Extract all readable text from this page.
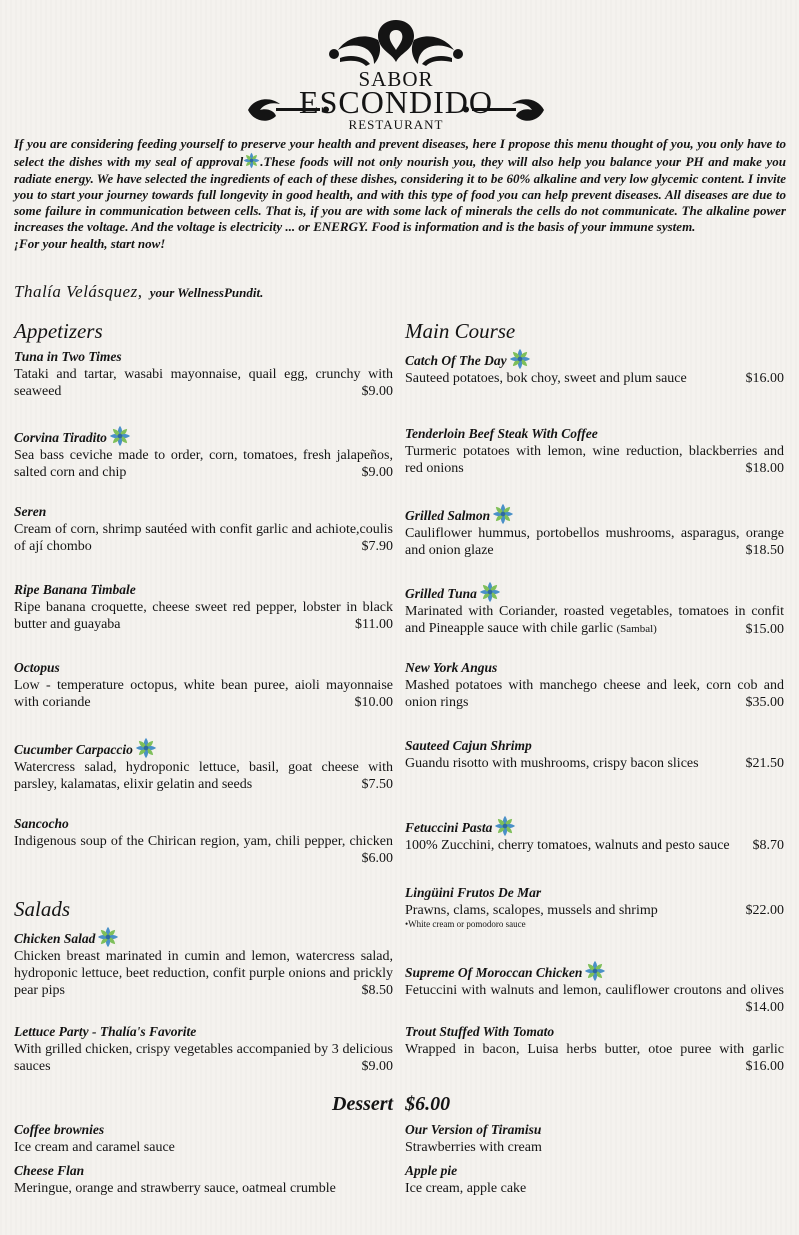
SABOR
ESCONDIDO
RESTAURANT

If you are considering feeding yourself to preserve your health and prevent diseases, here I propose this menu thought of you, you only have to select the dishes with my seal of approval .These foods will not only nourish you, they will also help you balance your PH and make you radiate energy. We have selected the ingredients of each of these dishes, considering it to be 60% alkaline and very low glycemic content. I invite you to start your journey towards full longevity in good health, and with this type of food you can help prevent diseases. All diseases are due to some failure in communication between cells. That is, if you are with some lack of minerals the cells do not communicate. The alkaline power increases the voltage. And the voltage is electricity ... or ENERGY. Food is information and is the basis of your immune system.

¡For your health, start now!

Thalía Velásquez, your WellnessPundit.
Appetizers	Main Course
Salads
Tuna in Two Times
Tataki and tartar, wasabi mayonnaise, quail egg, crunchy with seaweed	$9.00
Corvina Tiradito
Sea bass ceviche made to order, corn, tomatoes, fresh jalapeños, salted corn and chip	$9.00
Seren
Cream of corn, shrimp sautéed with confit garlic and achiote,coulis of ají chombo	$7.90
Ripe Banana Timbale
Ripe banana croquette, cheese sweet red pepper, lobster in black butter and guayaba	$11.00
Octopus
Low - temperature octopus, white bean puree, aioli mayonnaise with coriande	$10.00
Cucumber Carpaccio
Watercress salad, hydroponic lettuce, basil, goat cheese with parsley, kalamatas, elixir gelatin and seeds	$7.50
Sancocho
Indigenous soup of the Chirican region, yam, chili pepper, chicken
$6.00
Chicken Salad
Chicken breast marinated in cumin and lemon, watercress salad, hydroponic lettuce, beet reduction, confit purple onions and prickly pear pips	$8.50
Lettuce Party - Thalía's Favorite
With grilled chicken, crispy vegetables accompanied by 3 delicious sauces	$9.00
Catch Of The Day
Sauteed potatoes, bok choy, sweet and plum sauce	$16.00
Tenderloin Beef Steak With Coffee
Turmeric potatoes with lemon, wine reduction, blackberries and red onions	$18.00
Grilled Salmon
Cauliflower hummus, portobellos mushrooms, asparagus, orange and onion glaze	$18.50
Grilled Tuna
Marinated with Coriander, roasted vegetables, tomatoes in confit and Pineapple sauce with chile garlic (Sambal)	$15.00
New York Angus
Mashed potatoes with manchego cheese and leek, corn cob and onion rings	$35.00
Sauteed Cajun Shrimp
Guandu risotto with mushrooms, crispy bacon slices	$21.50
Fetuccini Pasta
100% Zucchini, cherry tomatoes, walnuts and pesto sauce $8.70
Lingüini Frutos De Mar
Prawns, clams, scalopes, mussels and shrimp	$22.00
•White cream or pomodoro sauce
Supreme Of Moroccan Chicken
Fetuccini with walnuts and lemon, cauliflower croutons and olives
$14.00
Trout Stuffed With Tomato
Wrapped in bacon, Luisa herbs butter, otoe puree with garlic
$16.00
Coffee brownies
Ice cream and caramel sauce
Our Version of Tiramisu
Strawberries with cream
Cheese Flan
Meringue, orange and strawberry sauce, oatmeal crumble
Apple pie
Ice cream, apple cake
Dessert $6.00
